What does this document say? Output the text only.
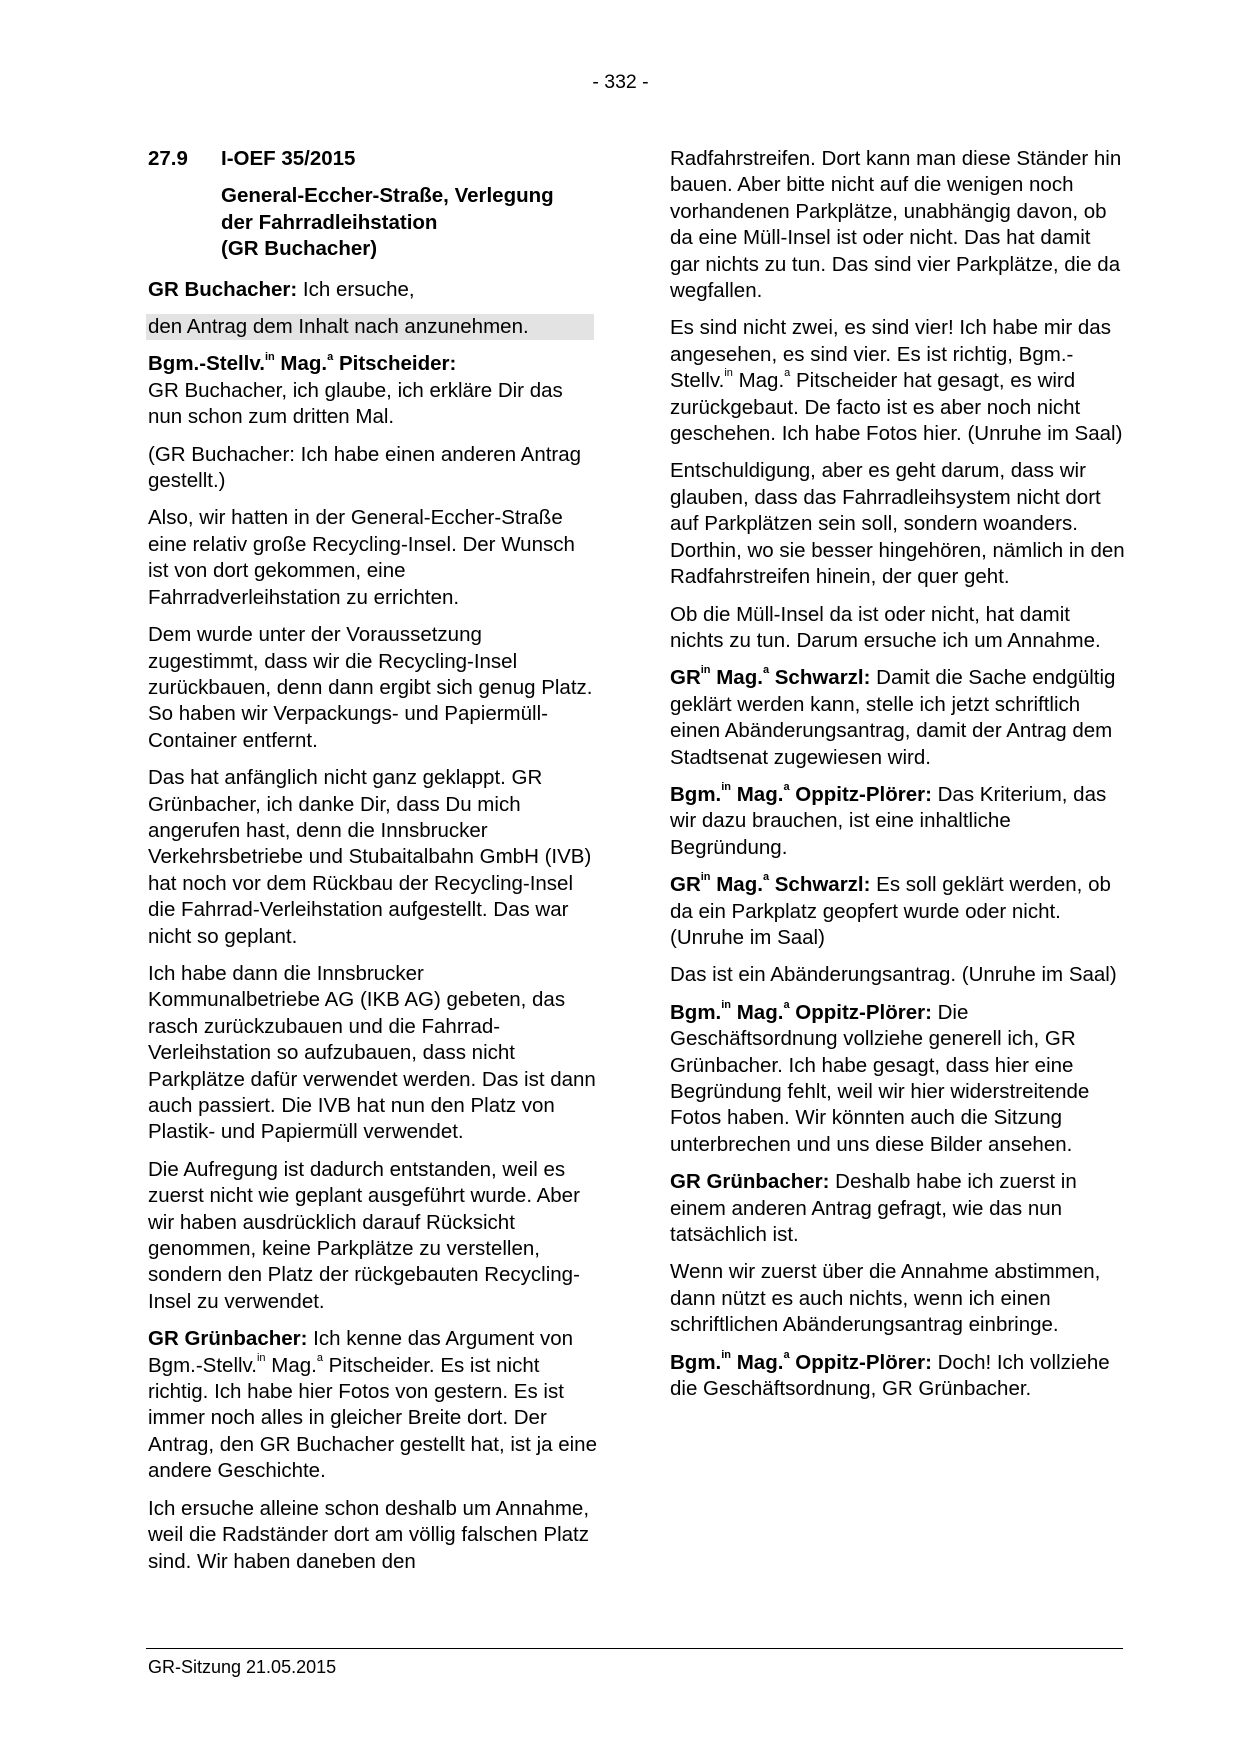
- 332 -
27.9	I-OEF 35/2015
General-Eccher-Straße, Verlegung
der Fahrradleihstation
(GR Buchacher)

GR Buchacher: Ich ersuche,

den Antrag dem Inhalt nach anzunehmen.

Bgm.-Stellv.$^{in}$ Mag.$^a$ Pitscheider:
GR Buchacher, ich glaube, ich erkläre Dir das nun schon zum dritten Mal.

(GR Buchacher: Ich habe einen anderen Antrag gestellt.)

Also, wir hatten in der General-Eccher-Straße eine relativ große Recycling-Insel. Der Wunsch ist von dort gekommen, eine Fahrradverleihstation zu errichten.

Dem wurde unter der Voraussetzung zugestimmt, dass wir die Recycling-Insel zurückbauen, denn dann ergibt sich genug Platz. So haben wir Verpackungs- und Papiermüll-Container entfernt.

Das hat anfänglich nicht ganz geklappt. GR Grünbacher, ich danke Dir, dass Du mich angerufen hast, denn die Innsbrucker Verkehrsbetriebe und Stubaitalbahn GmbH (IVB) hat noch vor dem Rückbau der Recycling-Insel die Fahrrad-Verleihstation aufgestellt. Das war nicht so geplant.

Ich habe dann die Innsbrucker Kommunalbetriebe AG (IKB AG) gebeten, das rasch zurückzubauen und die Fahrrad-Verleihstation so aufzubauen, dass nicht Parkplätze dafür verwendet werden. Das ist dann auch passiert. Die IVB hat nun den Platz von Plastik- und Papiermüll verwendet.

Die Aufregung ist dadurch entstanden, weil es zuerst nicht wie geplant ausgeführt wurde. Aber wir haben ausdrücklich darauf Rücksicht genommen, keine Parkplätze zu verstellen, sondern den Platz der rückgebauten Recycling-Insel zu verwendet.

GR Grünbacher: Ich kenne das Argument von Bgm.-Stellv.$^{in}$ Mag.$^a$ Pitscheider. Es ist nicht richtig. Ich habe hier Fotos von gestern. Es ist immer noch alles in gleicher Breite dort. Der Antrag, den GR Buchacher gestellt hat, ist ja eine andere Geschichte.

Ich ersuche alleine schon deshalb um Annahme, weil die Radständer dort am völlig falschen Platz sind. Wir haben daneben den

Radfahrstreifen. Dort kann man diese Ständer hin bauen. Aber bitte nicht auf die wenigen noch vorhandenen Parkplätze, unabhängig davon, ob da eine Müll-Insel ist oder nicht. Das hat damit gar nichts zu tun. Das sind vier Parkplätze, die da wegfallen.

Es sind nicht zwei, es sind vier! Ich habe mir das angesehen, es sind vier. Es ist richtig, Bgm.-Stellv.$^{in}$ Mag.$^a$ Pitscheider hat gesagt, es wird zurückgebaut. De facto ist es aber noch nicht geschehen. Ich habe Fotos hier. (Unruhe im Saal)

Entschuldigung, aber es geht darum, dass wir glauben, dass das Fahrradleihsystem nicht dort auf Parkplätzen sein soll, sondern woanders. Dorthin, wo sie besser hingehören, nämlich in den Radfahrstreifen hinein, der quer geht.

Ob die Müll-Insel da ist oder nicht, hat damit nichts zu tun. Darum ersuche ich um Annahme.

$GR^{in}$ Mag.$^a$ Schwarzl: Damit die Sache endgültig geklärt werden kann, stelle ich jetzt schriftlich einen Abänderungsantrag, damit der Antrag dem Stadtsenat zugewiesen wird.

Bgm.$^{in}$ Mag.$^a$ Oppitz-Plörer: Das Kriterium, das wir dazu brauchen, ist eine inhaltliche Begründung.

$GR^{in}$ Mag.$^a$ Schwarzl: Es soll geklärt werden, ob da ein Parkplatz geopfert wurde oder nicht. (Unruhe im Saal)

Das ist ein Abänderungsantrag. (Unruhe im Saal)

Bgm.$^{in}$ Mag.$^a$ Oppitz-Plörer: Die Geschäftsordnung vollziehe generell ich, GR Grünbacher. Ich habe gesagt, dass hier eine Begründung fehlt, weil wir hier widerstreitende Fotos haben. Wir könnten auch die Sitzung unterbrechen und uns diese Bilder ansehen.

GR Grünbacher: Deshalb habe ich zuerst in einem anderen Antrag gefragt, wie das nun tatsächlich ist.

Wenn wir zuerst über die Annahme abstimmen, dann nützt es auch nichts, wenn ich einen schriftlichen Abänderungsantrag einbringe.

Bgm.$^{in}$ Mag.$^a$ Oppitz-Plörer: Doch! Ich vollziehe die Geschäftsordnung, GR Grünbacher.

GR-Sitzung 21.05.2015
